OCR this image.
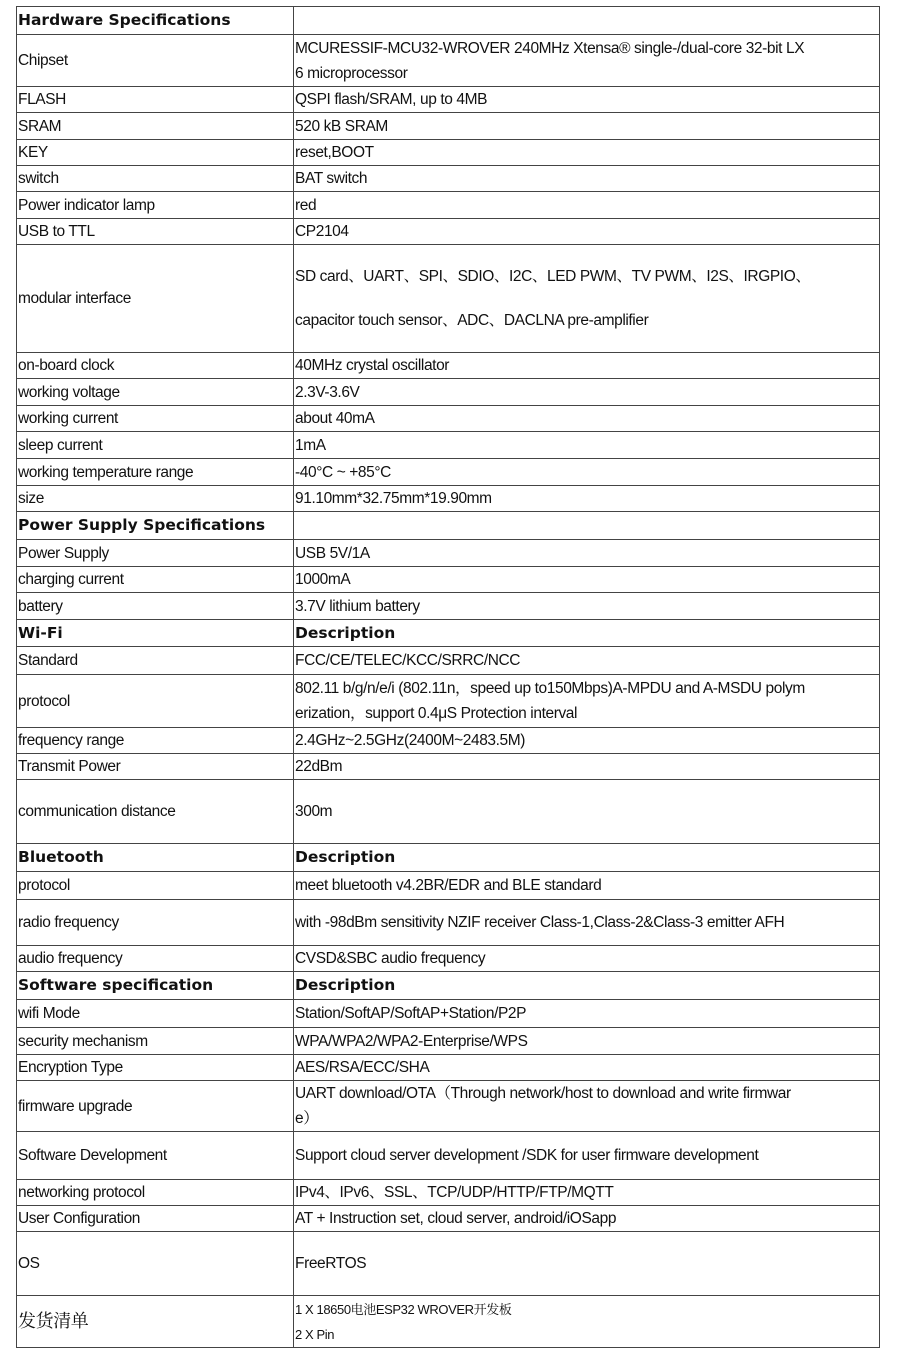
Hardware Specifications	
Chipset	MCURESSIF-MCU32-WROVER 240MHz Xtensa® single-/dual-core 32-bit LX
6 microprocessor

FLASH	QSPI flash/SRAM, up to 4MB
SRAM	520 kB SRAM
KEY	reset,BOOT
switch	BAT switch
Power indicator lamp	red
USB to TTL	CP2104
modular interface	SD card、UART、SPI、SDIO、I2C、LED PWM、TV PWM、I2S、IRGPIO、
capacitor touch sensor、ADC、DACLNA pre-amplifier

on-board clock	40MHz crystal oscillator
working voltage	2.3V-3.6V
working current	about 40mA
sleep current	1mA
working temperature range	-40°C ~ +85°C
size	91.10mm*32.75mm*19.90mm
Power Supply Specifications	
Power Supply	USB 5V/1A
charging current	1000mA
battery	3.7V lithium battery
Wi-Fi	Description
Standard	FCC/CE/TELEC/KCC/SRRC/NCC
protocol	802.11 b/g/n/e/i (802.11n，speed up to150Mbps)A-MPDU and A-MSDU polym
erization，support 0.4μS Protection interval

frequency range	2.4GHz~2.5GHz(2400M~2483.5M)
Transmit Power	22dBm
communication distance	300m
Bluetooth	Description
protocol	meet bluetooth v4.2BR/EDR and BLE standard
radio frequency	with -98dBm sensitivity NZIF receiver Class-1,Class-2&Class-3 emitter AFH
audio frequency	CVSD&SBC audio frequency
Software specification	Description
wifi Mode	Station/SoftAP/SoftAP+Station/P2P
security mechanism	WPA/WPA2/WPA2-Enterprise/WPS
Encryption Type	AES/RSA/ECC/SHA
firmware upgrade	UART download/OTA（Through network/host to download and write firmwar
e）

Software Development	Support cloud server development /SDK for user firmware development
networking protocol	IPv4、IPv6、SSL、TCP/UDP/HTTP/FTP/MQTT
User Configuration	AT + Instruction set, cloud server, android/iOSapp
OS	FreeRTOS
发货清单	1 X 18650电池ESP32 WROVER开发板
2 X Pin
